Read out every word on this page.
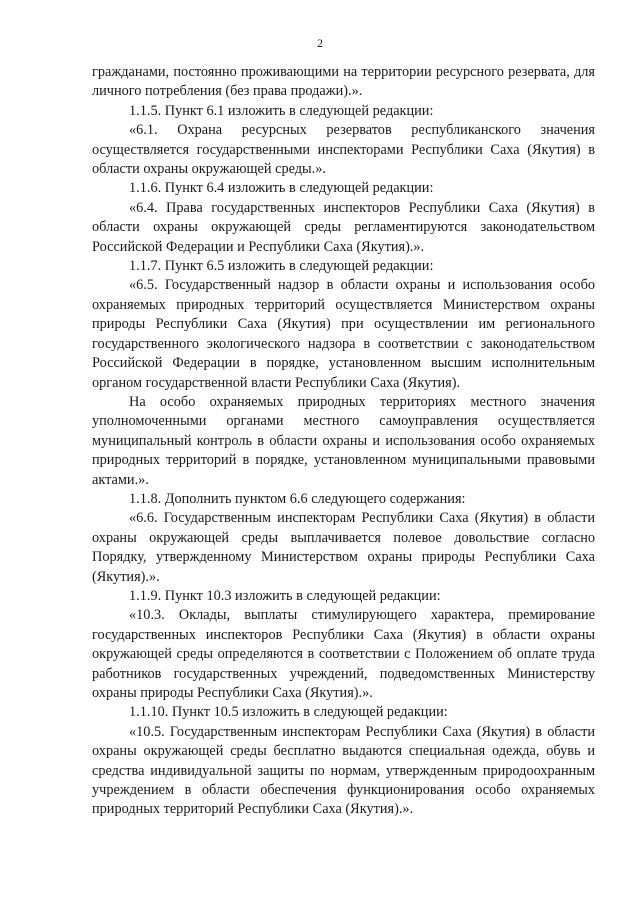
2

гражданами, постоянно проживающими на территории ресурсного резервата, для личного потребления (без права продажи).».

1.1.5. Пункт 6.1 изложить в следующей редакции:

«6.1. Охрана ресурсных резерватов республиканского значения осуществляется государственными инспекторами Республики Саха (Якутия) в области охраны окружающей среды.».

1.1.6. Пункт 6.4 изложить в следующей редакции:

«6.4. Права государственных инспекторов Республики Саха (Якутия) в области охраны окружающей среды регламентируются законодательством Российской Федерации и Республики Саха (Якутия).».

1.1.7. Пункт 6.5 изложить в следующей редакции:

«6.5. Государственный надзор в области охраны и использования особо охраняемых природных территорий осуществляется Министерством охраны природы Республики Саха (Якутия) при осуществлении им регионального государственного экологического надзора в соответствии с законодательством Российской Федерации в порядке, установленном высшим исполнительным органом государственной власти Республики Саха (Якутия).

На особо охраняемых природных территориях местного значения уполномоченными органами местного самоуправления осуществляется муниципальный контроль в области охраны и использования особо охраняемых природных территорий в порядке, установленном муниципальными правовыми актами.».

1.1.8. Дополнить пунктом 6.6 следующего содержания:

«6.6. Государственным инспекторам Республики Саха (Якутия) в области охраны окружающей среды выплачивается полевое довольствие согласно Порядку, утвержденному Министерством охраны природы Республики Саха (Якутия).».

1.1.9. Пункт 10.3 изложить в следующей редакции:

«10.3. Оклады, выплаты стимулирующего характера, премирование государственных инспекторов Республики Саха (Якутия) в области охраны окружающей среды определяются в соответствии с Положением об оплате труда работников государственных учреждений, подведомственных Министерству охраны природы Республики Саха (Якутия).».

1.1.10. Пункт 10.5 изложить в следующей редакции:

«10.5. Государственным инспекторам Республики Саха (Якутия) в области охраны окружающей среды бесплатно выдаются специальная одежда, обувь и средства индивидуальной защиты по нормам, утвержденным природоохранным учреждением в области обеспечения функционирования особо охраняемых природных территорий Республики Саха (Якутия).».
